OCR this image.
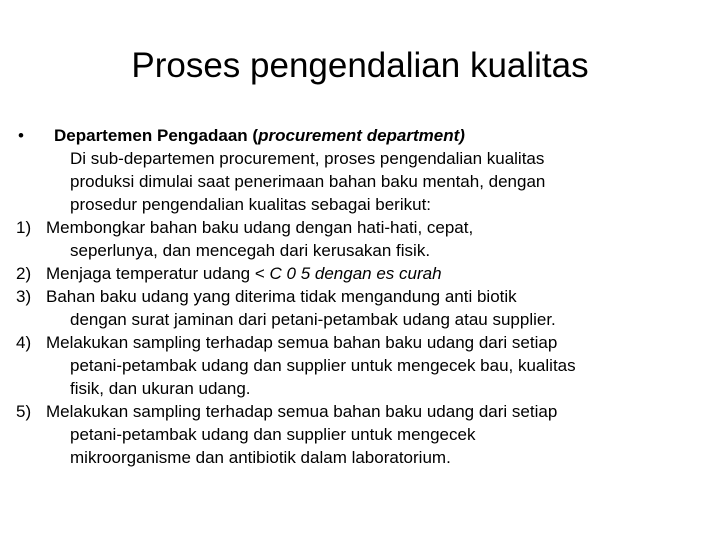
Proses pengendalian kualitas
• Departemen Pengadaan (procurement department)
Di sub-departemen procurement, proses pengendalian kualitas
produksi dimulai saat penerimaan bahan baku mentah, dengan
prosedur pengendalian kualitas sebagai berikut:
1) Membongkar bahan baku udang dengan hati-hati, cepat,
seperlunya, dan mencegah dari kerusakan fisik.
2) Menjaga temperatur udang < C 0 5 dengan es curah
3) Bahan baku udang yang diterima tidak mengandung anti biotik
dengan surat jaminan dari petani-petambak udang atau supplier.
4) Melakukan sampling terhadap semua bahan baku udang dari setiap
petani-petambak udang dan supplier untuk mengecek bau, kualitas
fisik, dan ukuran udang.
5) Melakukan sampling terhadap semua bahan baku udang dari setiap
petani-petambak udang dan supplier untuk mengecek
mikroorganisme dan antibiotik dalam laboratorium.
